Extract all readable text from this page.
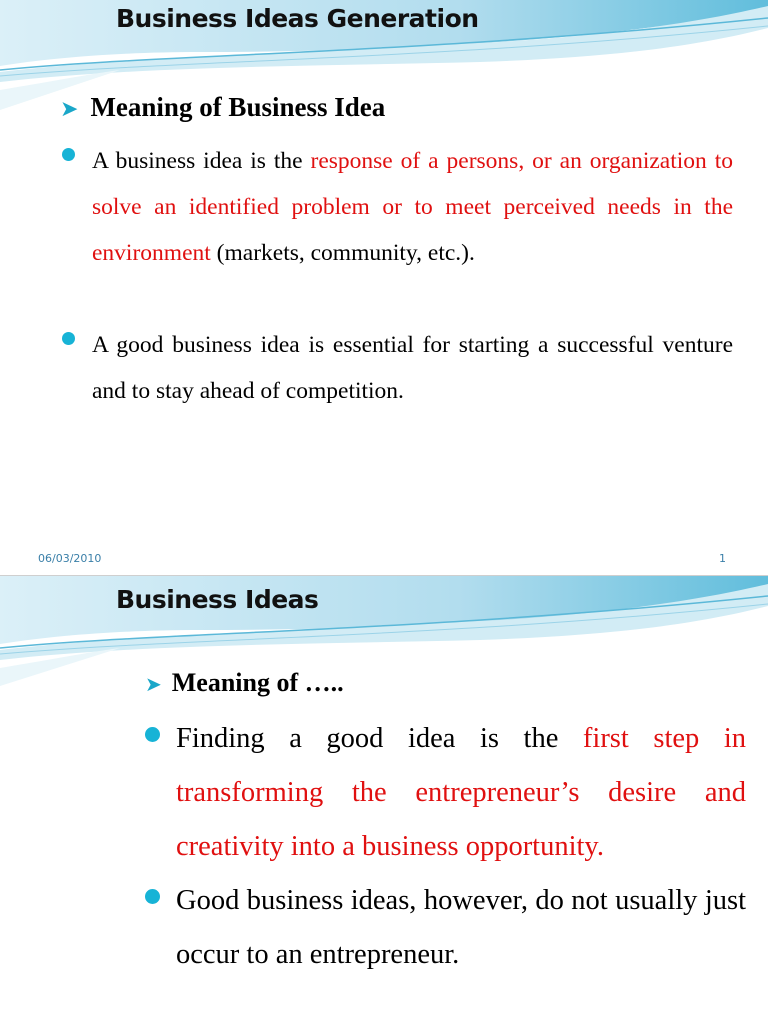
Business Ideas Generation
➤ Meaning of Business Idea
A business idea is the response of a persons, or an organization to solve an identified problem or to meet perceived needs in the environment (markets, community, etc.).
A good business idea is essential for starting a successful venture and to stay ahead of competition.
06/03/2010	1
Business Ideas
➤ Meaning of …..
Finding a good idea is the first step in transforming the entrepreneur’s desire and creativity into a business opportunity.
Good business ideas, however, do not usually just occur to an entrepreneur.
